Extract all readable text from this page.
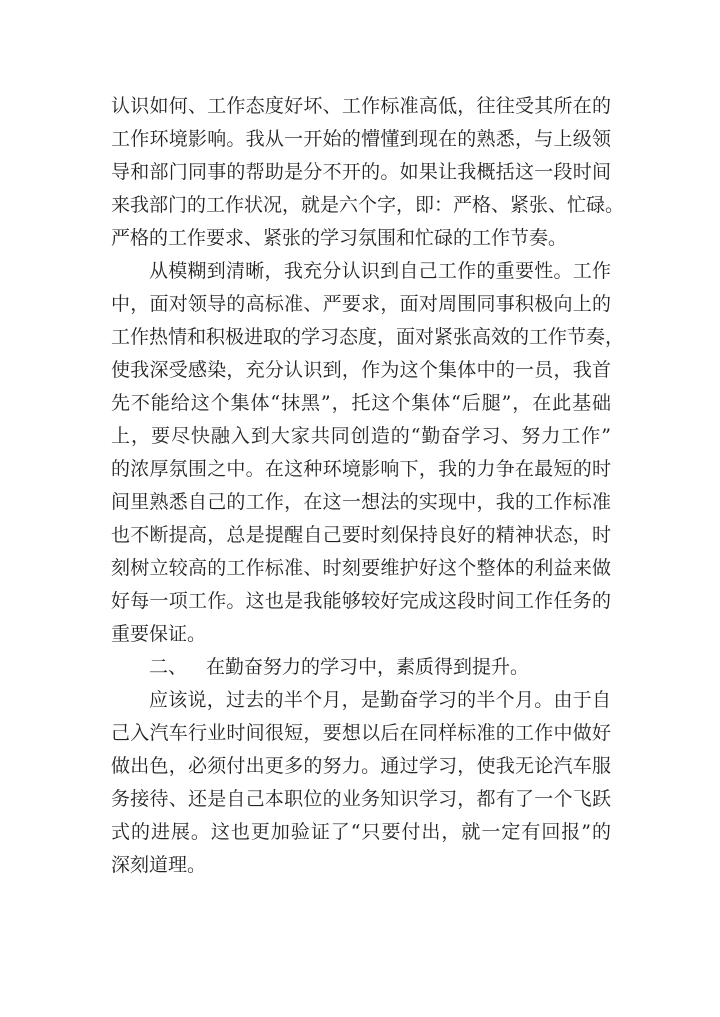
认识如何、工作态度好坏、工作标准高低，往往受其所在的
工作环境影响。我从一开始的懵懂到现在的熟悉，与上级领
导和部门同事的帮助是分不开的。如果让我概括这一段时间
来我部门的工作状况，就是六个字，即：严格、紧张、忙碌。
严格的工作要求、紧张的学习氛围和忙碌的工作节奏。
从模糊到清晰，我充分认识到自己工作的重要性。工作
中，面对领导的高标准、严要求，面对周围同事积极向上的
工作热情和积极进取的学习态度，面对紧张高效的工作节奏，
使我深受感染，充分认识到，作为这个集体中的一员，我首
先不能给这个集体“抹黑”，托这个集体“后腿”，在此基础
上，要尽快融入到大家共同创造的“勤奋学习、努力工作”
的浓厚氛围之中。在这种环境影响下，我的力争在最短的时
间里熟悉自己的工作，在这一想法的实现中，我的工作标准
也不断提高，总是提醒自己要时刻保持良好的精神状态，时
刻树立较高的工作标准、时刻要维护好这个整体的利益来做
好每一项工作。这也是我能够较好完成这段时间工作任务的
重要保证。
二、 在勤奋努力的学习中，素质得到提升。
应该说，过去的半个月，是勤奋学习的半个月。由于自
己入汽车行业时间很短，要想以后在同样标准的工作中做好
做出色，必须付出更多的努力。通过学习，使我无论汽车服
务接待、还是自己本职位的业务知识学习，都有了一个飞跃
式的进展。这也更加验证了“只要付出，就一定有回报”的
深刻道理。
